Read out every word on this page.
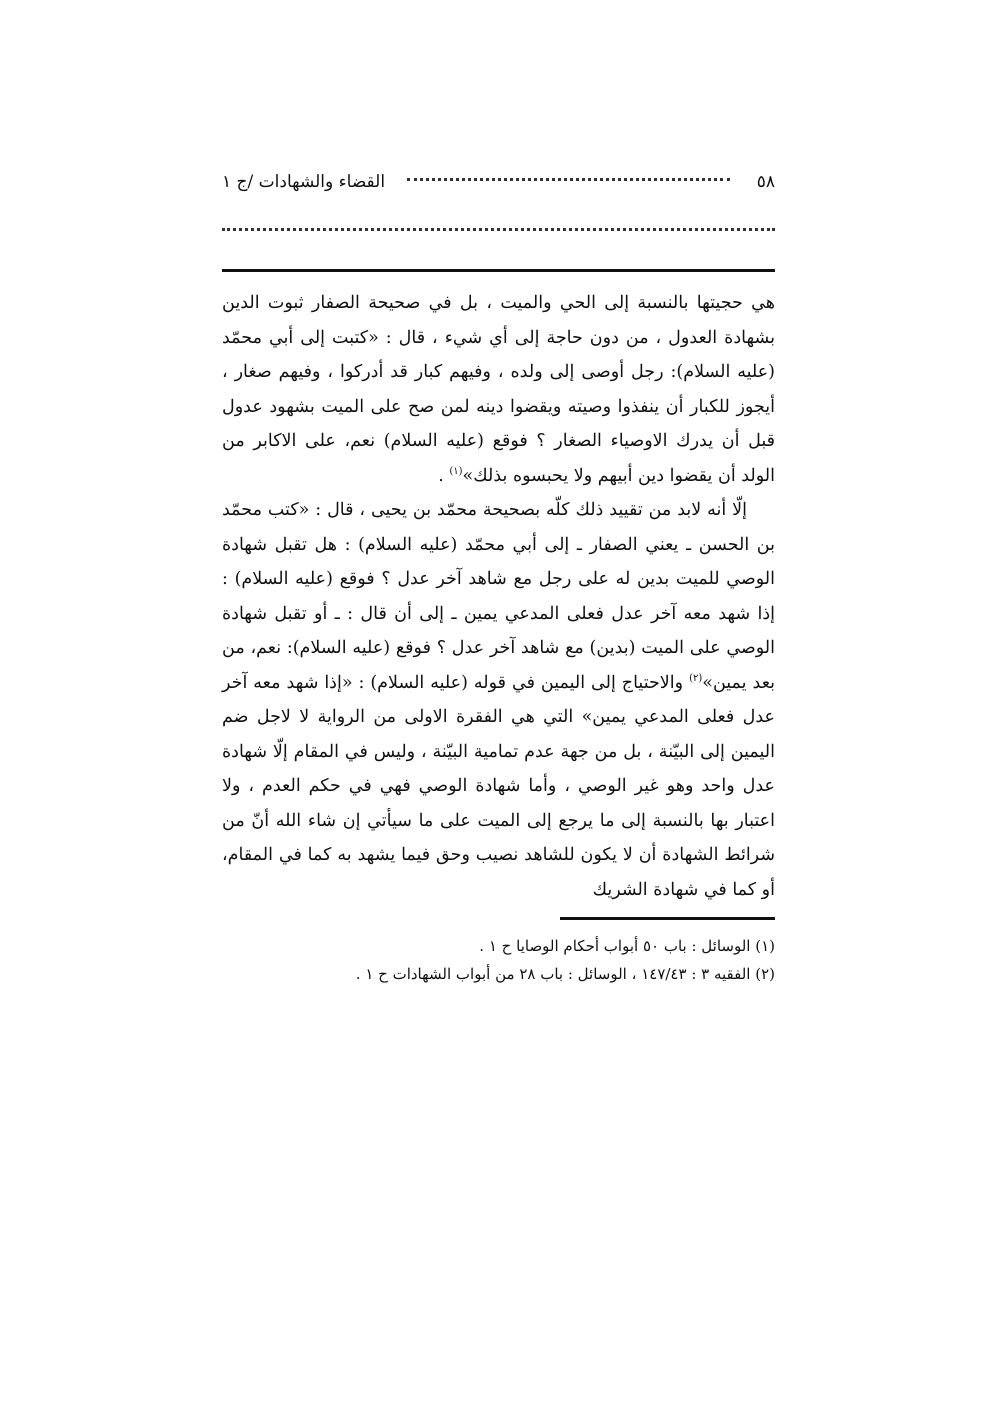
٥٨
القضاء والشهادات /ج ١

هي حجيتها بالنسبة إلى الحي والميت ، بل في صحيحة الصفار ثبوت الدين بشهادة العدول ، من دون حاجة إلى أي شيء ، قال : «كتبت إلى أبي محمّد (عليه السلام): رجل أوصى إلى ولده ، وفيهم كبار قد أدركوا ، وفيهم صغار ، أيجوز للكبار أن ينفذوا وصيته ويقضوا دينه لمن صح على الميت بشهود عدول قبل أن يدرك الاوصياء الصغار ؟ فوقع (عليه السلام) نعم، على الاكابر من الولد أن يقضوا دين أبيهم ولا يحبسوه بذلك»$^{(١)}$ .

إلّا أنه لابد من تقييد ذلك كلّه بصحيحة محمّد بن يحيى ، قال : «كتب محمّد بن الحسن ـ يعني الصفار ـ إلى أبي محمّد (عليه السلام) : هل تقبل شهادة الوصي للميت بدين له على رجل مع شاهد آخر عدل ؟ فوقع (عليه السلام) : إذا شهد معه آخر عدل فعلى المدعي يمين ـ إلى أن قال : ـ أو تقبل شهادة الوصي على الميت (بدين) مع شاهد آخر عدل ؟ فوقع (عليه السلام): نعم، من بعد يمين»$^{(٢)}$ والاحتياج إلى اليمين في قوله (عليه السلام) : «إذا شهد معه آخر عدل فعلى المدعي يمين» التي هي الفقرة الاولى من الرواية لا لاجل ضم اليمين إلى البيّنة ، بل من جهة عدم تمامية البيّنة ، وليس في المقام إلّا شهادة عدل واحد وهو غير الوصي ، وأما شهادة الوصي فهي في حكم العدم ، ولا اعتبار بها بالنسبة إلى ما يرجع إلى الميت على ما سيأتي إن شاء الله أنّ من شرائط الشهادة أن لا يكون للشاهد نصيب وحق فيما يشهد به كما في المقام، أو كما في شهادة الشريك

(١) الوسائل : باب ٥٠ أبواب أحكام الوصايا ح ١ .
(٢) الفقيه ٣ : ١٤٧/٤٣ ، الوسائل : باب ٢٨ من أبواب الشهادات ح ١ .
